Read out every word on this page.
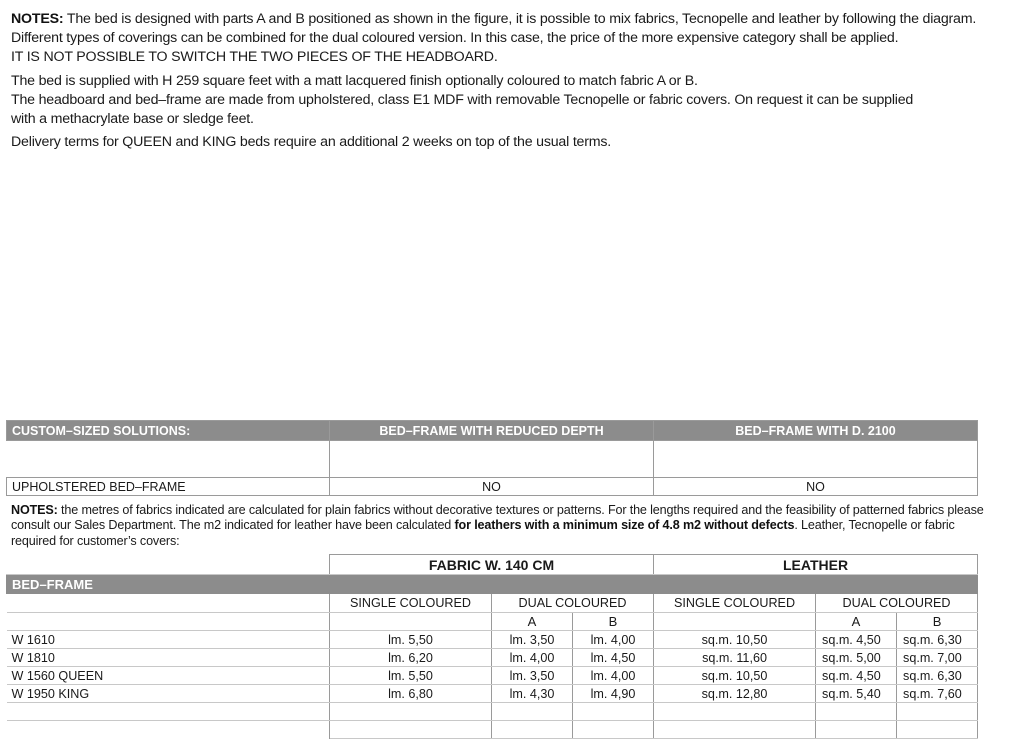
NOTES: The bed is designed with parts A and B positioned as shown in the figure, it is possible to mix fabrics, Tecnopelle and leather by following the diagram.

Different types of coverings can be combined for the dual coloured version. In this case, the price of the more expensive category shall be applied.

IT IS NOT POSSIBLE TO SWITCH THE TWO PIECES OF THE HEADBOARD.

The bed is supplied with H 259 square feet with a matt lacquered finish optionally coloured to match fabric A or B.

The headboard and bed–frame are made from upholstered, class E1 MDF with removable Tecnopelle or fabric covers. On request it can be supplied

with a methacrylate base or sledge feet.

Delivery terms for QUEEN and KING beds require an additional 2 weeks on top of the usual terms.

CUSTOM–SIZED SOLUTIONS:	BED–FRAME WITH REDUCED DEPTH	BED–FRAME WITH D. 2100

UPHOLSTERED BED–FRAME	NO	NO
NOTES: the metres of fabrics indicated are calculated for plain fabrics without decorative textures or patterns. For the lengths required and the feasibility of patterned fabrics please consult our Sales Department. The m2 indicated for leather have been calculated for leathers with a minimum size of 4.8 m2 without defects. Leather, Tecnopelle or fabric required for customer’s covers:
	FABRIC W. 140 CM			LEATHER		
BED–FRAME						
	SINGLE COLOURED	DUAL COLOURED		SINGLE COLOURED	DUAL COLOURED	
		A	B		A	B
W 1610	lm. 5,50	lm. 3,50	lm. 4,00	sq.m. 10,50	sq.m. 4,50	sq.m. 6,30
W 1810	lm. 6,20	lm. 4,00	lm. 4,50	sq.m. 11,60	sq.m. 5,00	sq.m. 7,00
W 1560 QUEEN	lm. 5,50	lm. 3,50	lm. 4,00	sq.m. 10,50	sq.m. 4,50	sq.m. 6,30
W 1950 KING	lm. 6,80	lm. 4,30	lm. 4,90	sq.m. 12,80	sq.m. 5,40	sq.m. 7,60
